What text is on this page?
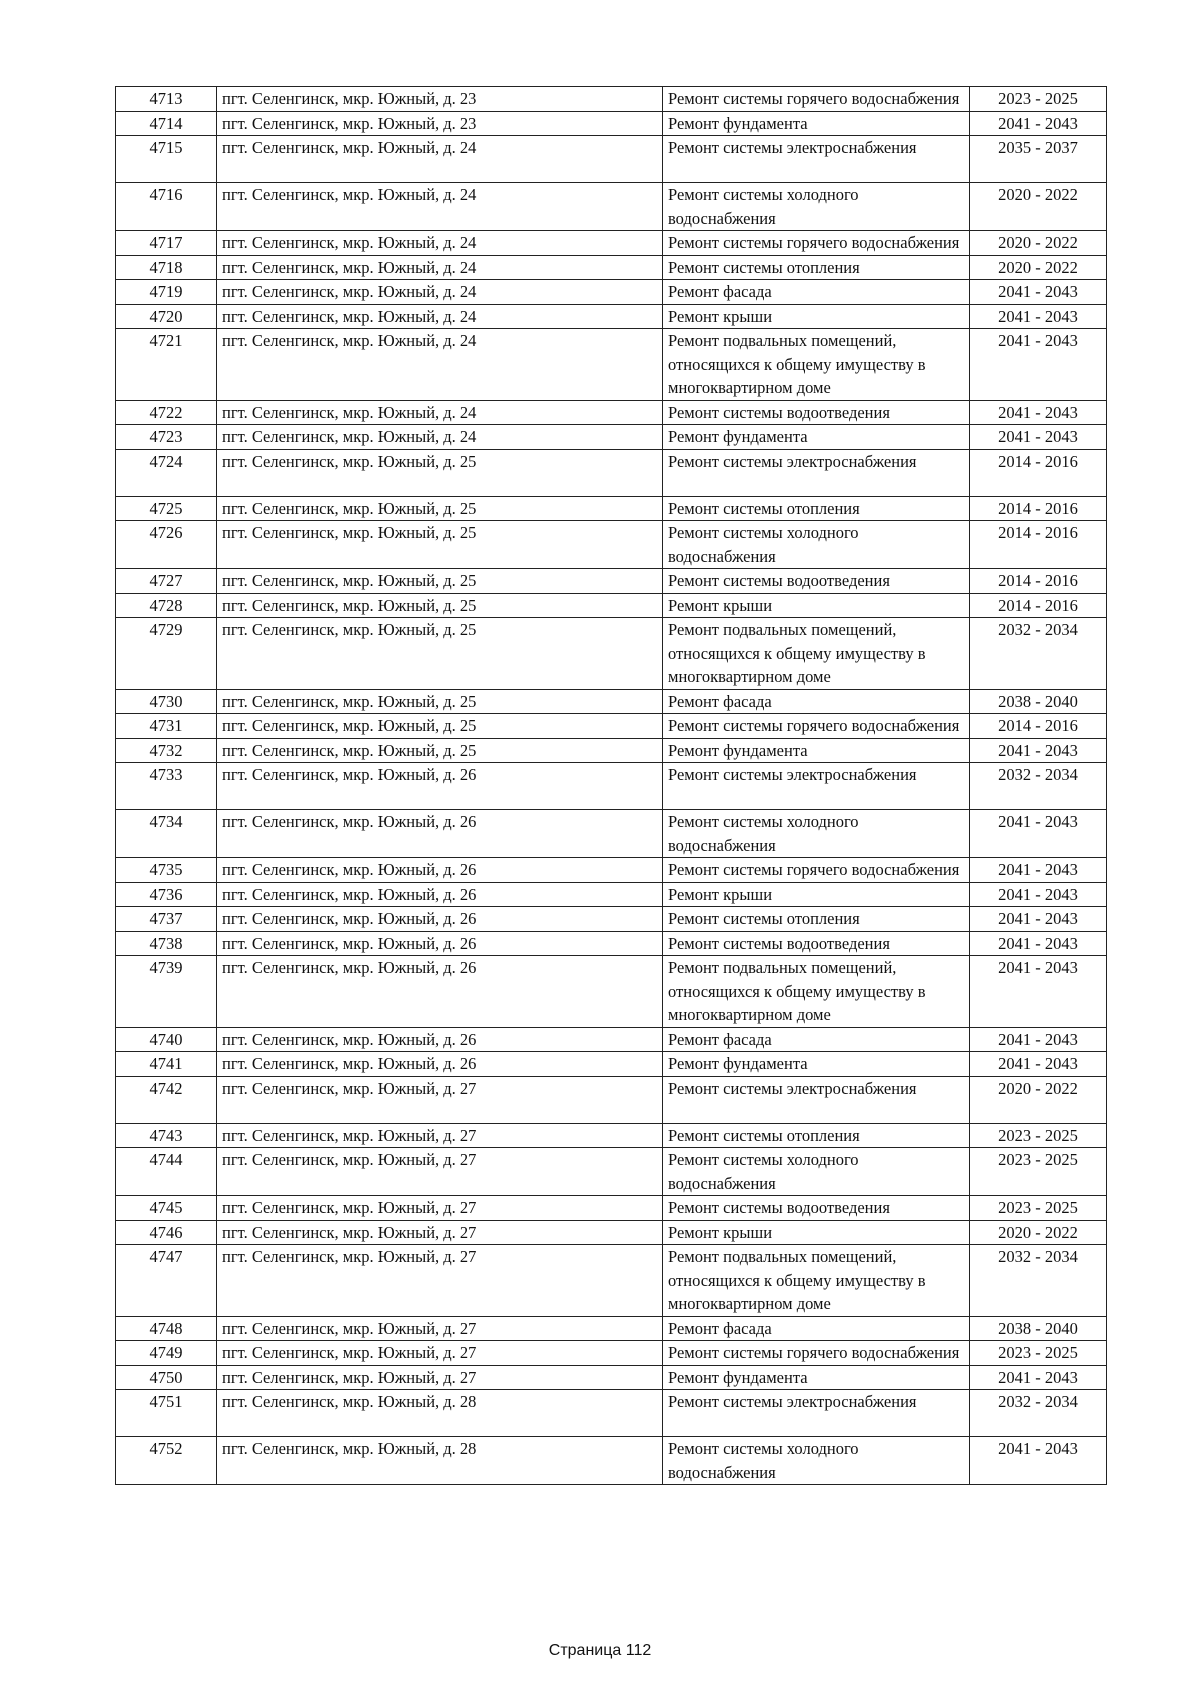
4713	пгт. Селенгинск, мкр. Южный, д. 23	Ремонт системы горячего водоснабжения	2023 - 2025
4714	пгт. Селенгинск, мкр. Южный, д. 23	Ремонт фундамента	2041 - 2043
4715	пгт. Селенгинск, мкр. Южный, д. 24	Ремонт системы электроснабжения	2035 - 2037
4716	пгт. Селенгинск, мкр. Южный, д. 24	Ремонт системы холодного водоснабжения	2020 - 2022
4717	пгт. Селенгинск, мкр. Южный, д. 24	Ремонт системы горячего водоснабжения	2020 - 2022
4718	пгт. Селенгинск, мкр. Южный, д. 24	Ремонт системы отопления	2020 - 2022
4719	пгт. Селенгинск, мкр. Южный, д. 24	Ремонт фасада	2041 - 2043
4720	пгт. Селенгинск, мкр. Южный, д. 24	Ремонт крыши	2041 - 2043
4721	пгт. Селенгинск, мкр. Южный, д. 24	Ремонт подвальных помещений, относящихся к общему имуществу в многоквартирном доме	2041 - 2043
4722	пгт. Селенгинск, мкр. Южный, д. 24	Ремонт системы водоотведения	2041 - 2043
4723	пгт. Селенгинск, мкр. Южный, д. 24	Ремонт фундамента	2041 - 2043
4724	пгт. Селенгинск, мкр. Южный, д. 25	Ремонт системы электроснабжения	2014 - 2016
4725	пгт. Селенгинск, мкр. Южный, д. 25	Ремонт системы отопления	2014 - 2016
4726	пгт. Селенгинск, мкр. Южный, д. 25	Ремонт системы холодного водоснабжения	2014 - 2016
4727	пгт. Селенгинск, мкр. Южный, д. 25	Ремонт системы водоотведения	2014 - 2016
4728	пгт. Селенгинск, мкр. Южный, д. 25	Ремонт крыши	2014 - 2016
4729	пгт. Селенгинск, мкр. Южный, д. 25	Ремонт подвальных помещений, относящихся к общему имуществу в многоквартирном доме	2032 - 2034
4730	пгт. Селенгинск, мкр. Южный, д. 25	Ремонт фасада	2038 - 2040
4731	пгт. Селенгинск, мкр. Южный, д. 25	Ремонт системы горячего водоснабжения	2014 - 2016
4732	пгт. Селенгинск, мкр. Южный, д. 25	Ремонт фундамента	2041 - 2043
4733	пгт. Селенгинск, мкр. Южный, д. 26	Ремонт системы электроснабжения	2032 - 2034
4734	пгт. Селенгинск, мкр. Южный, д. 26	Ремонт системы холодного водоснабжения	2041 - 2043
4735	пгт. Селенгинск, мкр. Южный, д. 26	Ремонт системы горячего водоснабжения	2041 - 2043
4736	пгт. Селенгинск, мкр. Южный, д. 26	Ремонт крыши	2041 - 2043
4737	пгт. Селенгинск, мкр. Южный, д. 26	Ремонт системы отопления	2041 - 2043
4738	пгт. Селенгинск, мкр. Южный, д. 26	Ремонт системы водоотведения	2041 - 2043
4739	пгт. Селенгинск, мкр. Южный, д. 26	Ремонт подвальных помещений, относящихся к общему имуществу в многоквартирном доме	2041 - 2043
4740	пгт. Селенгинск, мкр. Южный, д. 26	Ремонт фасада	2041 - 2043
4741	пгт. Селенгинск, мкр. Южный, д. 26	Ремонт фундамента	2041 - 2043
4742	пгт. Селенгинск, мкр. Южный, д. 27	Ремонт системы электроснабжения	2020 - 2022
4743	пгт. Селенгинск, мкр. Южный, д. 27	Ремонт системы отопления	2023 - 2025
4744	пгт. Селенгинск, мкр. Южный, д. 27	Ремонт системы холодного водоснабжения	2023 - 2025
4745	пгт. Селенгинск, мкр. Южный, д. 27	Ремонт системы водоотведения	2023 - 2025
4746	пгт. Селенгинск, мкр. Южный, д. 27	Ремонт крыши	2020 - 2022
4747	пгт. Селенгинск, мкр. Южный, д. 27	Ремонт подвальных помещений, относящихся к общему имуществу в многоквартирном доме	2032 - 2034
4748	пгт. Селенгинск, мкр. Южный, д. 27	Ремонт фасада	2038 - 2040
4749	пгт. Селенгинск, мкр. Южный, д. 27	Ремонт системы горячего водоснабжения	2023 - 2025
4750	пгт. Селенгинск, мкр. Южный, д. 27	Ремонт фундамента	2041 - 2043
4751	пгт. Селенгинск, мкр. Южный, д. 28	Ремонт системы электроснабжения	2032 - 2034
4752	пгт. Селенгинск, мкр. Южный, д. 28	Ремонт системы холодного водоснабжения	2041 - 2043
Страница 112
